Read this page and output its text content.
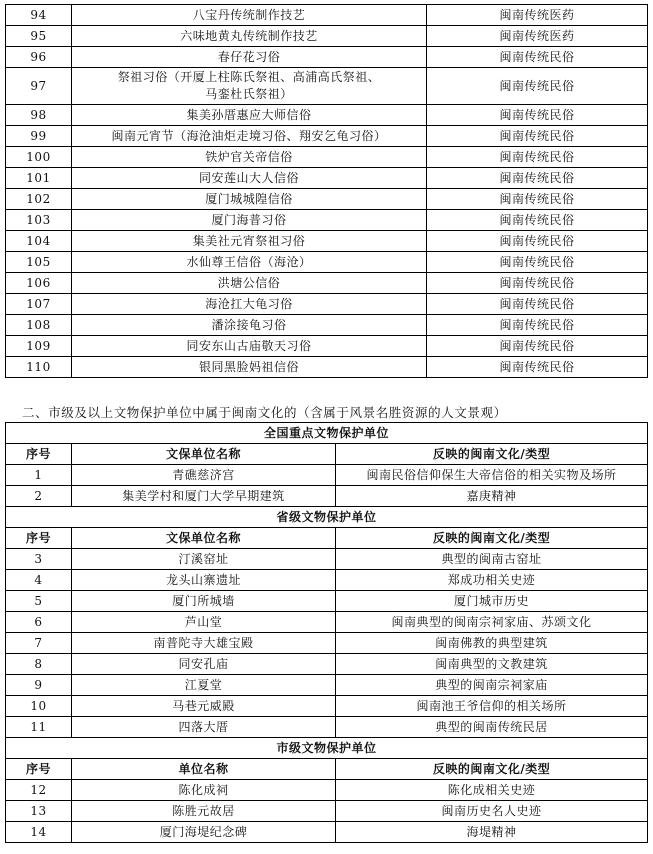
94	八宝丹传统制作技艺	闽南传统医药
95	六味地黄丸传统制作技艺	闽南传统医药
96	春仔花习俗	闽南传统民俗
97	祭祖习俗（开厦上柱陈氏祭祖、高浦高氏祭祖、
马銮杜氏祭祖）	闽南传统民俗
98	集美孙厝惠应大师信俗	闽南传统民俗
99	闽南元宵节（海沧油炬走境习俗、翔安乞龟习俗）	闽南传统民俗
100	铁炉官关帝信俗	闽南传统民俗
101	同安莲山大人信俗	闽南传统民俗
102	厦门城城隍信俗	闽南传统民俗
103	厦门海普习俗	闽南传统民俗
104	集美社元宵祭祖习俗	闽南传统民俗
105	水仙尊王信俗（海沧）	闽南传统民俗
106	洪塘公信俗	闽南传统民俗
107	海沧扛大龟习俗	闽南传统民俗
108	潘涂接龟习俗	闽南传统民俗
109	同安东山古庙敬天习俗	闽南传统民俗
110	银同黑脸妈祖信俗	闽南传统民俗
二、市级及以上文物保护单位中属于闽南文化的（含属于风景名胜资源的人文景观）
全国重点文物保护单位		
序号	文保单位名称	反映的闽南文化/类型
1	青礁慈济宫	闽南民俗信仰保生大帝信俗的相关实物及场所
2	集美学村和厦门大学早期建筑	嘉庚精神
省级文物保护单位		
序号	文保单位名称	反映的闽南文化/类型
3	汀溪窑址	典型的闽南古窑址
4	龙头山寨遗址	郑成功相关史迹
5	厦门所城墙	厦门城市历史
6	芦山堂	闽南典型的闽南宗祠家庙、苏颂文化
7	南普陀寺大雄宝殿	闽南佛教的典型建筑
8	同安孔庙	闽南典型的文教建筑
9	江夏堂	典型的闽南宗祠家庙
10	马巷元威殿	闽南池王爷信仰的相关场所
11	四落大厝	典型的闽南传统民居
市级文物保护单位		
序号	单位名称	反映的闽南文化/类型
12	陈化成祠	陈化成相关史迹
13	陈胜元故居	闽南历史名人史迹
14	厦门海堤纪念碑	海堤精神
